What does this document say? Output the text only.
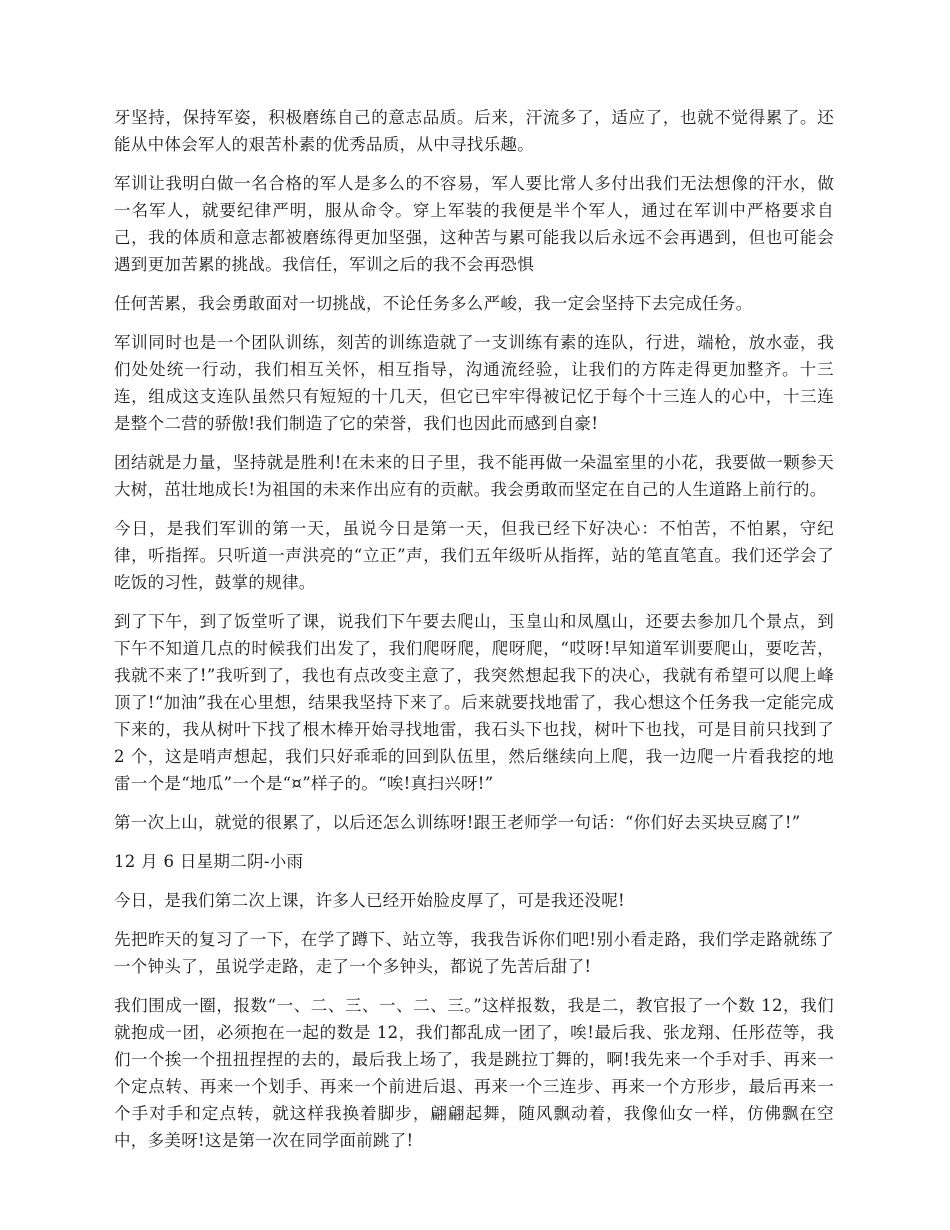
牙坚持，保持军姿，积极磨练自己的意志品质。后来，汗流多了，适应了，也就不觉得累了。还能从中体会军人的艰苦朴素的优秀品质，从中寻找乐趣。

军训让我明白做一名合格的军人是多么的不容易，军人要比常人多付出我们无法想像的汗水，做一名军人，就要纪律严明，服从命令。穿上军装的我便是半个军人，通过在军训中严格要求自己，我的体质和意志都被磨练得更加坚强，这种苦与累可能我以后永远不会再遇到，但也可能会遇到更加苦累的挑战。我信任，军训之后的我不会再恐惧

任何苦累，我会勇敢面对一切挑战，不论任务多么严峻，我一定会坚持下去完成任务。

军训同时也是一个团队训练，刻苦的训练造就了一支训练有素的连队，行进，端枪，放水壶，我们处处统一行动，我们相互关怀，相互指导，沟通流经验，让我们的方阵走得更加整齐。十三连，组成这支连队虽然只有短短的十几天，但它已牢牢得被记忆于每个十三连人的心中，十三连是整个二营的骄傲!我们制造了它的荣誉，我们也因此而感到自豪!

团结就是力量，坚持就是胜利!在未来的日子里，我不能再做一朵温室里的小花，我要做一颗参天大树，茁壮地成长!为祖国的未来作出应有的贡献。我会勇敢而坚定在自己的人生道路上前行的。

今日，是我们军训的第一天，虽说今日是第一天，但我已经下好决心：不怕苦，不怕累，守纪律，听指挥。只听道一声洪亮的“立正”声，我们五年级听从指挥，站的笔直笔直。我们还学会了吃饭的习性，鼓掌的规律。

到了下午，到了饭堂听了课，说我们下午要去爬山，玉皇山和凤凰山，还要去参加几个景点，到下午不知道几点的时候我们出发了，我们爬呀爬，爬呀爬，“哎呀!早知道军训要爬山，要吃苦，我就不来了!”我听到了，我也有点改变主意了，我突然想起我下的决心，我就有希望可以爬上峰顶了!“加油”我在心里想，结果我坚持下来了。后来就要找地雷了，我心想这个任务我一定能完成下来的，我从树叶下找了根木棒开始寻找地雷，我石头下也找，树叶下也找，可是目前只找到了 2 个，这是哨声想起，我们只好乖乖的回到队伍里，然后继续向上爬，我一边爬一片看我挖的地雷一个是“地瓜”一个是“¤”样子的。“唉!真扫兴呀!”

第一次上山，就觉的很累了，以后还怎么训练呀!跟王老师学一句话：“你们好去买块豆腐了!”

12 月 6 日星期二阴-小雨

今日，是我们第二次上课，许多人已经开始脸皮厚了，可是我还没呢!

先把昨天的复习了一下，在学了蹲下、站立等，我我告诉你们吧!别小看走路，我们学走路就练了一个钟头了，虽说学走路，走了一个多钟头，都说了先苦后甜了!

我们围成一圈，报数“一、二、三、一、二、三。”这样报数，我是二，教官报了一个数 12，我们就抱成一团，必须抱在一起的数是 12，我们都乱成一团了，唉!最后我、张龙翔、任彤莅等，我们一个挨一个扭扭捏捏的去的，最后我上场了，我是跳拉丁舞的，啊!我先来一个手对手、再来一个定点转、再来一个划手、再来一个前进后退、再来一个三连步、再来一个方形步，最后再来一个手对手和定点转，就这样我换着脚步，翩翩起舞，随风飘动着，我像仙女一样，仿佛飘在空中，多美呀!这是第一次在同学面前跳了!
